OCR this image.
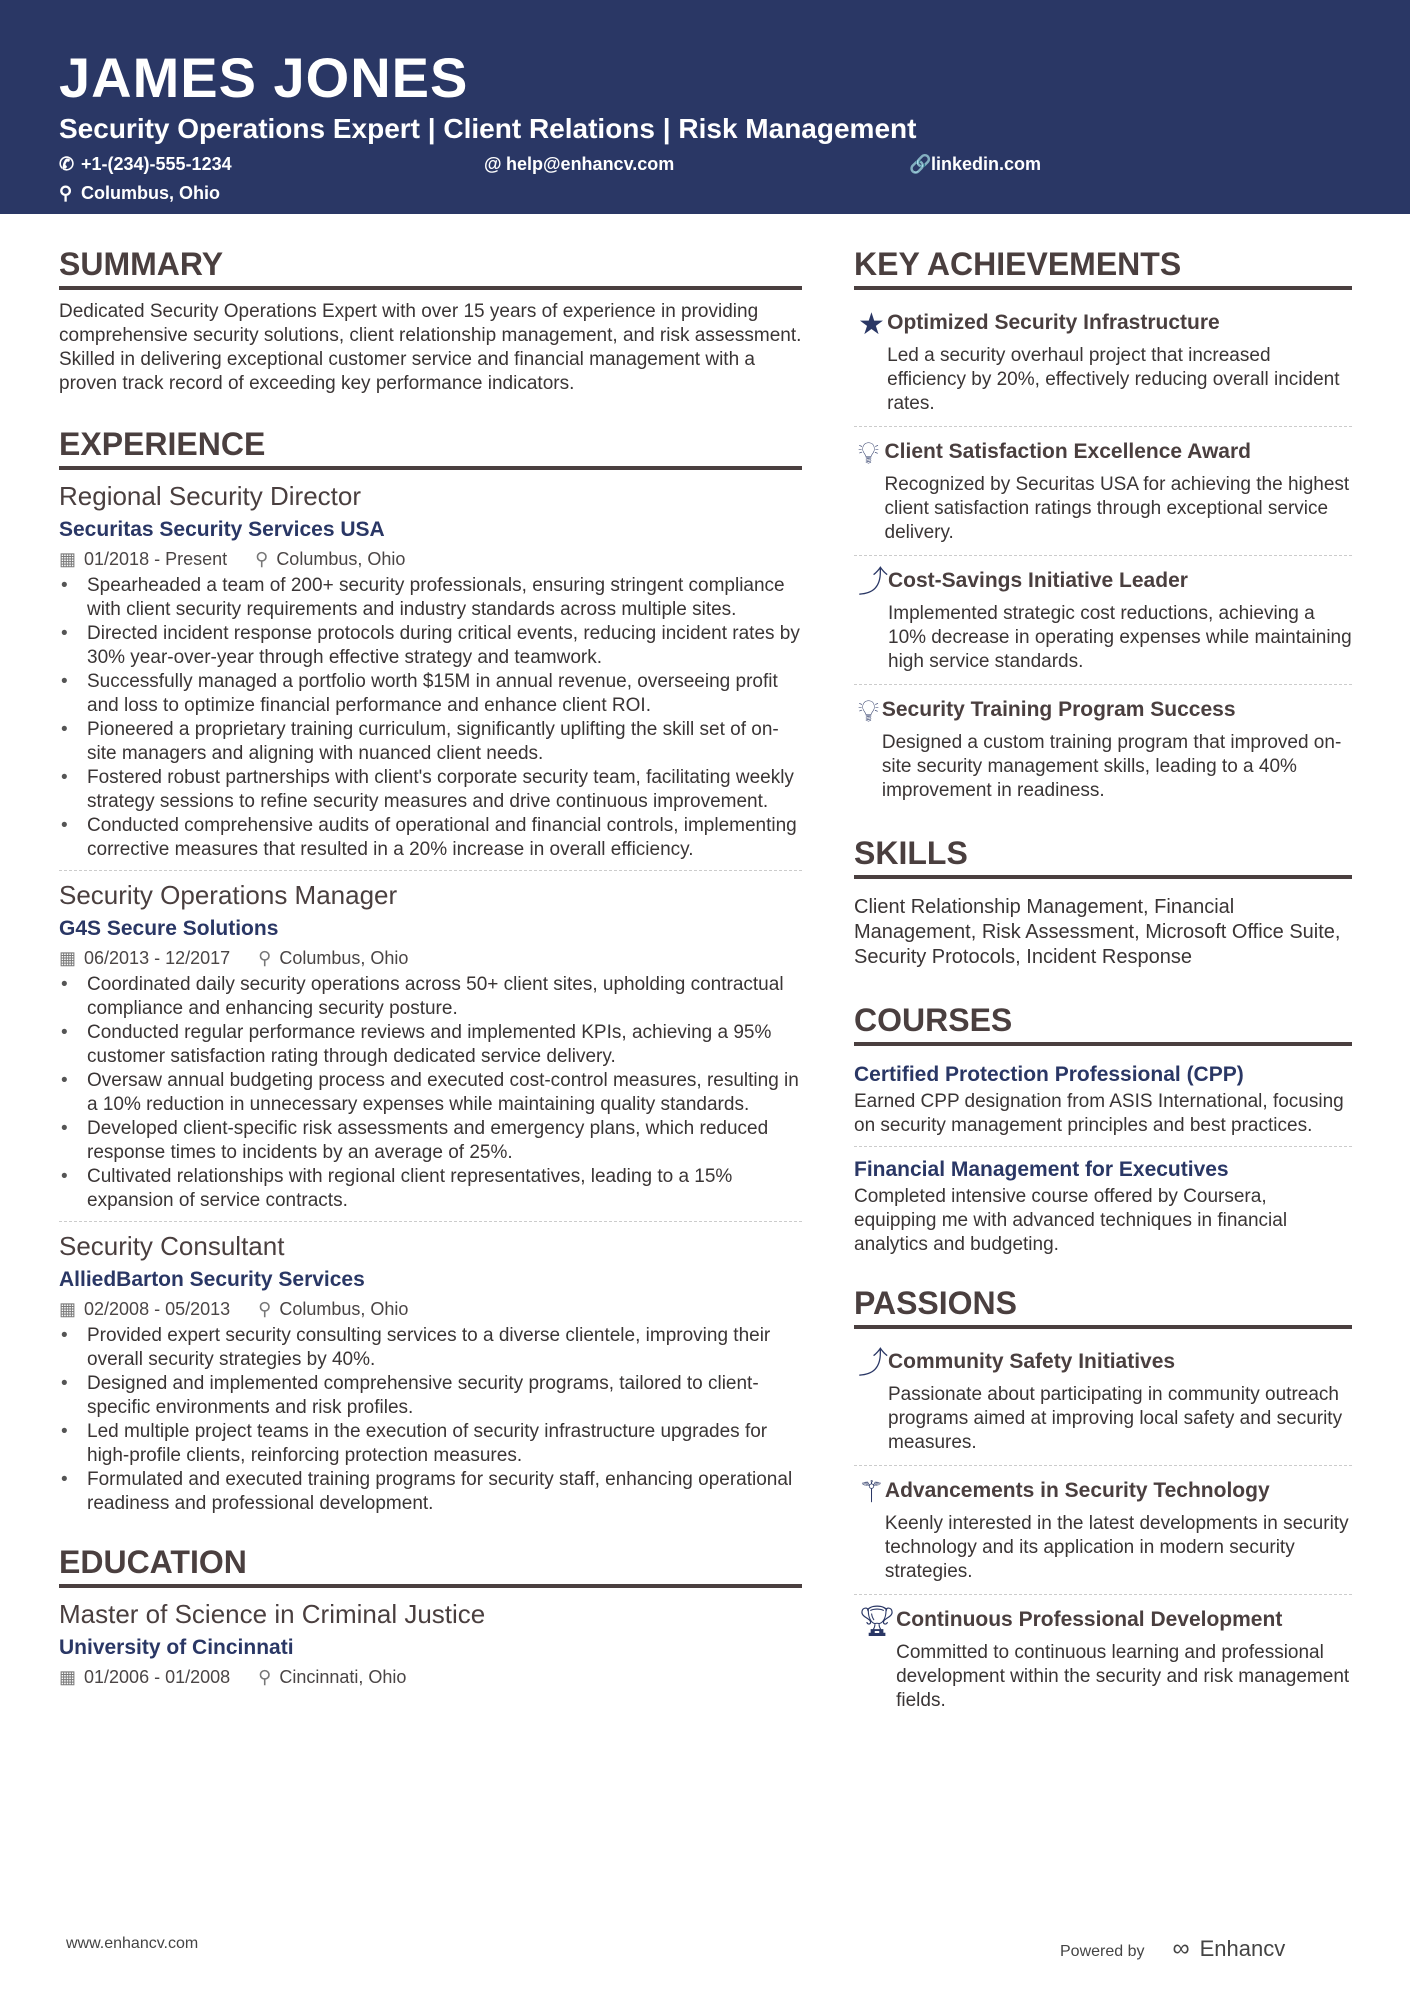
JAMES JONES
Security Operations Expert | Client Relations | Risk Management
✆ +1-(234)-555-1234	@ help@enhancv.com	🔗linkedin.com
⚲ Columbus, Ohio
SUMMARY
Dedicated Security Operations Expert with over 15 years of experience in providing comprehensive security solutions, client relationship management, and risk assessment. Skilled in delivering exceptional customer service and financial management with a proven track record of exceeding key performance indicators.
EXPERIENCE
Regional Security Director
Securitas Security Services USA
▦ 01/2018 - Present ⚲ Columbus, Ohio
• Spearheaded a team of 200+ security professionals, ensuring stringent compliance with client security requirements and industry standards across multiple sites.
• Directed incident response protocols during critical events, reducing incident rates by 30% year-over-year through effective strategy and teamwork.
• Successfully managed a portfolio worth $15M in annual revenue, overseeing profit and loss to optimize financial performance and enhance client ROI.
• Pioneered a proprietary training curriculum, significantly uplifting the skill set of on-site managers and aligning with nuanced client needs.
• Fostered robust partnerships with client's corporate security team, facilitating weekly strategy sessions to refine security measures and drive continuous improvement.
• Conducted comprehensive audits of operational and financial controls, implementing corrective measures that resulted in a 20% increase in overall efficiency.
Security Operations Manager
G4S Secure Solutions
▦ 06/2013 - 12/2017 ⚲ Columbus, Ohio
• Coordinated daily security operations across 50+ client sites, upholding contractual compliance and enhancing security posture.
• Conducted regular performance reviews and implemented KPIs, achieving a 95% customer satisfaction rating through dedicated service delivery.
• Oversaw annual budgeting process and executed cost-control measures, resulting in a 10% reduction in unnecessary expenses while maintaining quality standards.
• Developed client-specific risk assessments and emergency plans, which reduced response times to incidents by an average of 25%.
• Cultivated relationships with regional client representatives, leading to a 15% expansion of service contracts.
Security Consultant
AlliedBarton Security Services
▦ 02/2008 - 05/2013 ⚲ Columbus, Ohio
• Provided expert security consulting services to a diverse clientele, improving their overall security strategies by 40%.
• Designed and implemented comprehensive security programs, tailored to client-specific environments and risk profiles.
• Led multiple project teams in the execution of security infrastructure upgrades for high-profile clients, reinforcing protection measures.
• Formulated and executed training programs for security staff, enhancing operational readiness and professional development.
EDUCATION
Master of Science in Criminal Justice
University of Cincinnati
▦ 01/2006 - 01/2008 ⚲ Cincinnati, Ohio
KEY ACHIEVEMENTS
★ Optimized Security Infrastructure
Led a security overhaul project that increased efficiency by 20%, effectively reducing overall incident rates.
💡︎ Client Satisfaction Excellence Award
Recognized by Securitas USA for achieving the highest client satisfaction ratings through exceptional service delivery.
⤴ Cost-Savings Initiative Leader
Implemented strategic cost reductions, achieving a 10% decrease in operating expenses while maintaining high service standards.
💡︎ Security Training Program Success
Designed a custom training program that improved on-site security management skills, leading to a 40% improvement in readiness.
SKILLS
Client Relationship Management, Financial Management, Risk Assessment, Microsoft Office Suite, Security Protocols, Incident Response
COURSES
Certified Protection Professional (CPP)
Earned CPP designation from ASIS International, focusing on security management principles and best practices.
Financial Management for Executives
Completed intensive course offered by Coursera, equipping me with advanced techniques in financial analytics and budgeting.
PASSIONS
⤴ Community Safety Initiatives
Passionate about participating in community outreach programs aimed at improving local safety and security measures.
⚚ Advancements in Security Technology
Keenly interested in the latest developments in security technology and its application in modern security strategies.
🏆︎ Continuous Professional Development
Committed to continuous learning and professional development within the security and risk management fields.
www.enhancv.com	Powered by ∞ Enhancv
